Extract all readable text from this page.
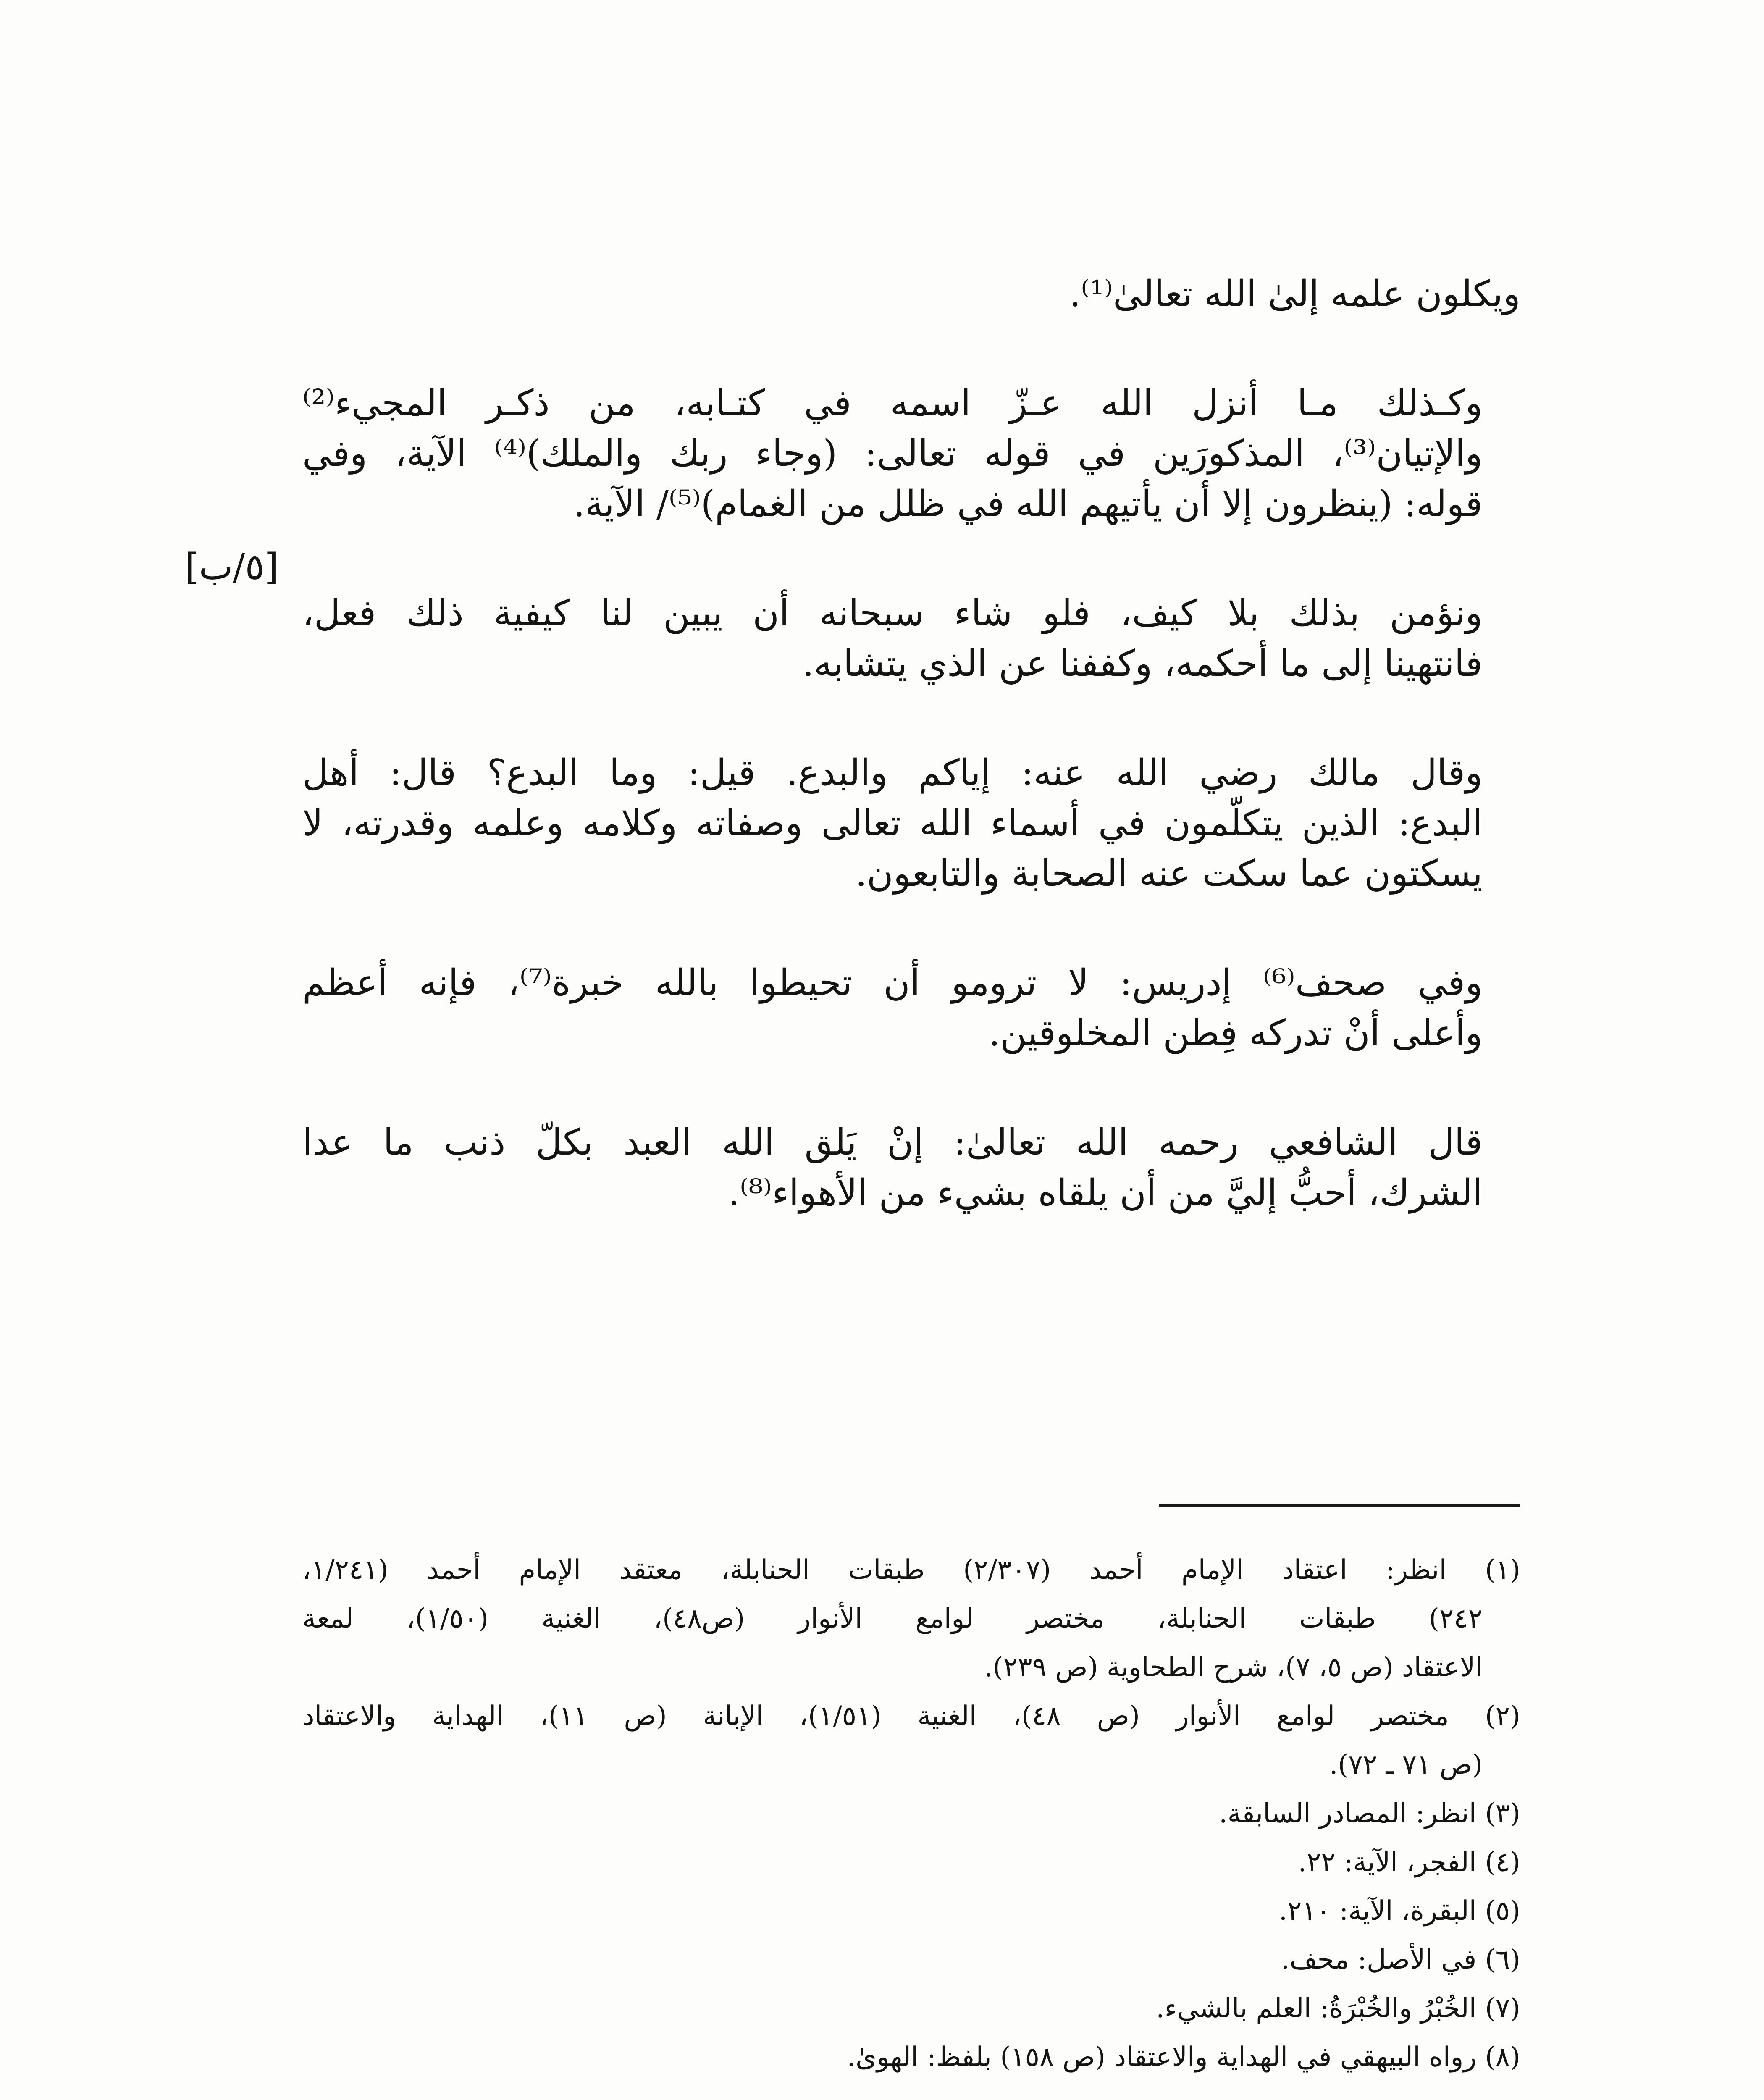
ويكلون علمه إلىٰ الله تعالىٰ⁽¹⁾.

وكـذلك مـا أنزل الله عـزّ اسمه في كتـابه، من ذكـر المجيء⁽²⁾
والإتيان⁽³⁾، المذكورَين في قوله تعالى: (وجاء ربك والملك)⁽⁴⁾ الآية، وفي
قوله: (ينظرون إلا أن يأتيهم الله في ظلل من الغمام)⁽⁵⁾/ الآية.

ونؤمن بذلك بلا كيف، فلو شاء سبحانه أن يبين لنا كيفية ذلك فعل،
فانتهينا إلى ما أحكمه، وكففنا عن الذي يتشابه.

وقال مالك رضي الله عنه: إياكم والبدع. قيل: وما البدع؟ قال: أهل
البدع: الذين يتكلّمون في أسماء الله تعالى وصفاته وكلامه وعلمه وقدرته، لا
يسكتون عما سكت عنه الصحابة والتابعون.

وفي صحف⁽⁶⁾ إدريس: لا ترومو أن تحيطوا بالله خبرة⁽⁷⁾، فإنه أعظم
وأعلى أنْ تدركه فِطن المخلوقين.

قال الشافعي رحمه الله تعالىٰ: إنْ يَلق الله العبد بكلّ ذنب ما عدا
الشرك، أحبُّ إليَّ من أن يلقاه بشيء من الأهواء⁽⁸⁾.

[٥/ب]

(١) انظر: اعتقاد الإمام أحمد (٢/٣٠٧) طبقات الحنابلة، معتقد الإمام أحمد (١/٢٤١،
٢٤٢) طبقات الحنابلة، مختصر لوامع الأنوار (ص٤٨)، الغنية (١/٥٠)، لمعة
الاعتقاد (ص ٥، ٧)، شرح الطحاوية (ص ٢٣٩).

(٢) مختصر لوامع الأنوار (ص ٤٨)، الغنية (١/٥١)، الإبانة (ص ١١)، الهداية والاعتقاد
(ص ٧١ ـ ٧٢).

(٣) انظر: المصادر السابقة.

(٤) الفجر، الآية: ٢٢.

(٥) البقرة، الآية: ٢١٠.

(٦) في الأصل: محف.

(٧) الخُبْرُ والخُبْرَةُ: العلم بالشيء.

(٨) رواه البيهقي في الهداية والاعتقاد (ص ١٥٨) بلفظ: الهوىٰ.
